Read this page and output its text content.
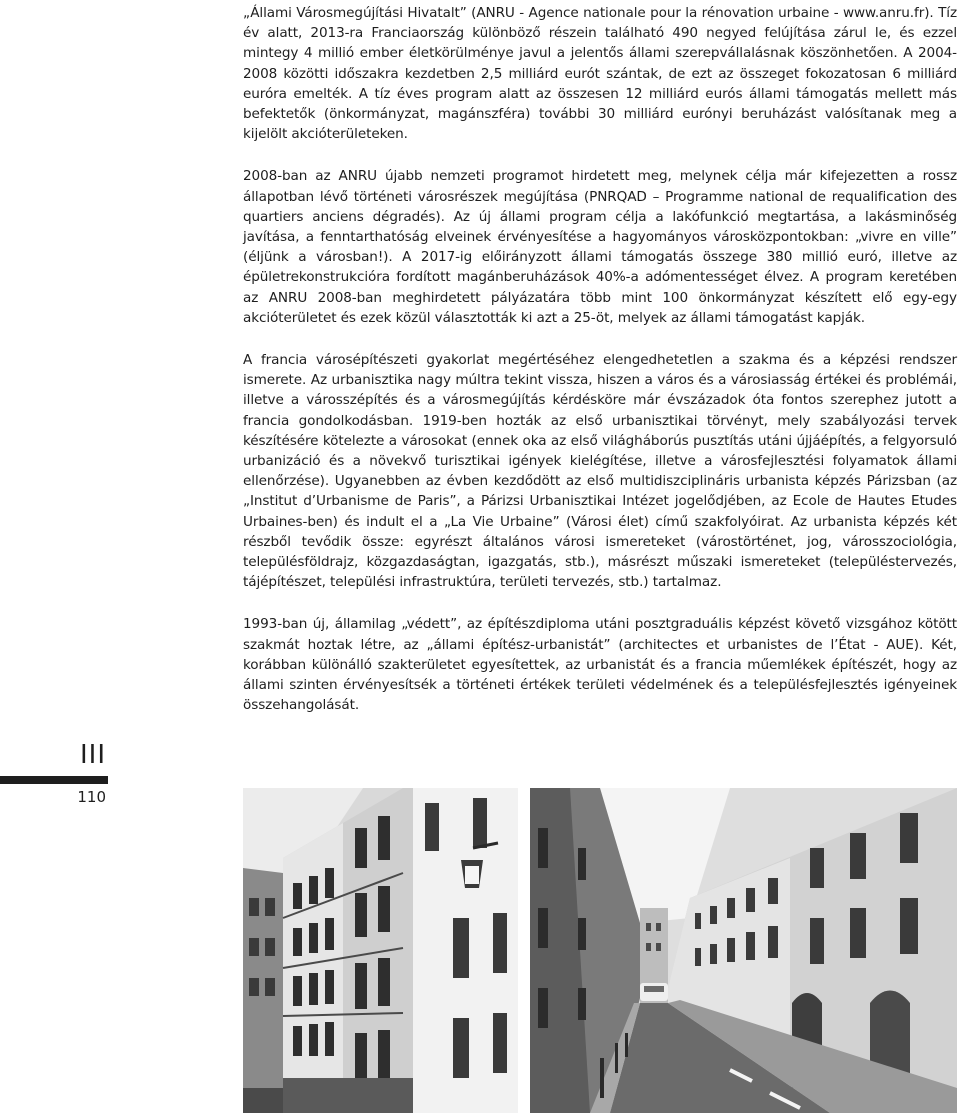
„Állami Városmegújítási Hivatalt” (ANRU - Agence nationale pour la rénovation urbaine - www.anru.fr). Tíz év alatt, 2013-ra Franciaország különböző részein található 490 negyed felújítása zárul le, és ezzel mintegy 4 millió ember életkörülménye javul a jelentős állami szerepvállalásnak köszönhetően. A 2004-2008 közötti időszakra kezdetben 2,5 milliárd eurót szántak, de ezt az összeget fokozatosan 6 milliárd euróra emelték. A tíz éves program alatt az összesen 12 milliárd eurós állami támogatás mellett más befektetők (önkormányzat, magánszféra) további 30 milliárd eurónyi beruházást valósítanak meg a kijelölt akcióterületeken.

2008-ban az ANRU újabb nemzeti programot hirdetett meg, melynek célja már kifejezetten a rossz állapotban lévő történeti városrészek megújítása (PNRQAD – Programme national de requalification des quartiers anciens dégradés). Az új állami program célja a lakófunkció megtartása, a lakásminőség javítása, a fenntarthatóság elveinek érvényesítése a hagyományos városközpontokban: „vivre en ville” (éljünk a városban!). A 2017-ig előirányzott állami támogatás összege 380 millió euró, illetve az épületrekonstrukcióra fordított magánberuházások 40%-a adómentességet élvez. A program keretében az ANRU 2008-ban meghirdetett pályázatára több mint 100 önkormányzat készített elő egy-egy akcióterületet és ezek közül választották ki azt a 25-öt, melyek az állami támogatást kapják.

A francia városépítészeti gyakorlat megértéséhez elengedhetetlen a szakma és a képzési rendszer ismerete. Az urbanisztika nagy múltra tekint vissza, hiszen a város és a városiasság értékei és problémái, illetve a városszépítés és a városmegújítás kérdésköre már évszázadok óta fontos szerephez jutott a francia gondolkodásban. 1919-ben hozták az első urbanisztikai törvényt, mely szabályozási tervek készítésére kötelezte a városokat (ennek oka az első világháborús pusztítás utáni újjáépítés, a felgyorsuló urbanizáció és a növekvő turisztikai igények kielégítése, illetve a városfejlesztési folyamatok állami ellenőrzése). Ugyanebben az évben kezdődött az első multidiszciplináris urbanista képzés Párizsban (az „Institut d’Urbanisme de Paris”, a Párizsi Urbanisztikai Intézet jogelődjében, az Ecole de Hautes Etudes Urbaines-ben) és indult el a „La Vie Urbaine” (Városi élet) című szakfolyóirat. Az urbanista képzés két részből tevődik össze: egyrészt általános városi ismereteket (várostörténet, jog, városszociológia, településföldrajz, közgazdaságtan, igazgatás, stb.), másrészt műszaki ismereteket (településtervezés, tájépítészet, települési infrastruktúra, területi tervezés, stb.) tartalmaz.

1993-ban új, államilag „védett”, az építészdiploma utáni posztgraduális képzést követő vizsgához kötött szakmát hoztak létre, az „állami építész-urbanistát” (architectes et urbanistes de l’État - AUE). Két, korábban különálló szakterületet egyesítettek, az urbanistát és a francia műemlékek építészét, hogy az állami szinten érvényesítsék a történeti értékek területi védelmének és a településfejlesztés igényeinek összehangolását.

III
110
